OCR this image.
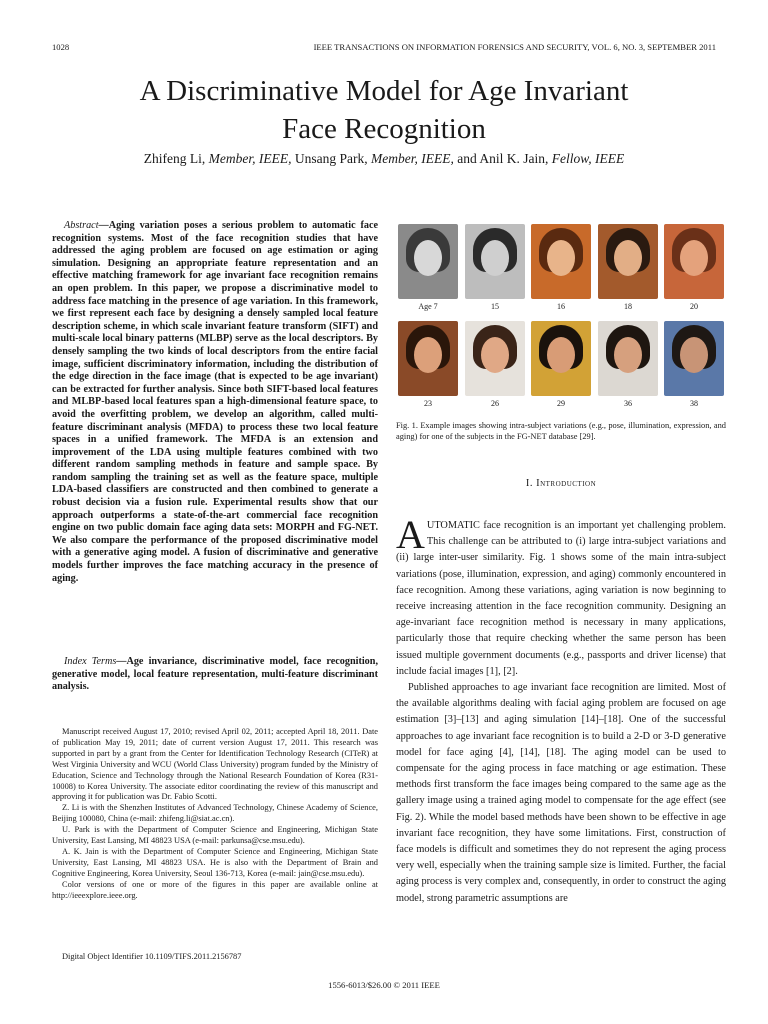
1028	IEEE TRANSACTIONS ON INFORMATION FORENSICS AND SECURITY, VOL. 6, NO. 3, SEPTEMBER 2011
A Discriminative Model for Age Invariant
Face Recognition
Zhifeng Li, Member, IEEE, Unsang Park, Member, IEEE, and Anil K. Jain, Fellow, IEEE
Abstract—Aging variation poses a serious problem to automatic face recognition systems. Most of the face recognition studies that have addressed the aging problem are focused on age estimation or aging simulation. Designing an appropriate feature representation and an effective matching framework for age invariant face recognition remains an open problem. In this paper, we propose a discriminative model to address face matching in the presence of age variation. In this framework, we first represent each face by designing a densely sampled local feature description scheme, in which scale invariant feature transform (SIFT) and multi-scale local binary patterns (MLBP) serve as the local descriptors. By densely sampling the two kinds of local descriptors from the entire facial image, sufficient discriminatory information, including the distribution of the edge direction in the face image (that is expected to be age invariant) can be extracted for further analysis. Since both SIFT-based local features and MLBP-based local features span a high-dimensional feature space, to avoid the overfitting problem, we develop an algorithm, called multi-feature discriminant analysis (MFDA) to process these two local feature spaces in a unified framework. The MFDA is an extension and improvement of the LDA using multiple features combined with two different random sampling methods in feature and sample space. By random sampling the training set as well as the feature space, multiple LDA-based classifiers are constructed and then combined to generate a robust decision via a fusion rule. Experimental results show that our approach outperforms a state-of-the-art commercial face recognition engine on two public domain face aging data sets: MORPH and FG-NET. We also compare the performance of the proposed discriminative model with a generative aging model. A fusion of discriminative and generative models further improves the face matching accuracy in the presence of aging.
Index Terms—Age invariance, discriminative model, face recognition, generative model, local feature representation, multi-feature discriminant analysis.

Manuscript received August 17, 2010; revised April 02, 2011; accepted April 18, 2011. Date of publication May 19, 2011; date of current version August 17, 2011. This research was supported in part by a grant from the Center for Identification Technology Research (CITeR) at West Virginia University and WCU (World Class University) program funded by the Ministry of Education, Science and Technology through the National Research Foundation of Korea (R31-10008) to Korea University. The associate editor coordinating the review of this manuscript and approving it for publication was Dr. Fabio Scotti.

Z. Li is with the Shenzhen Institutes of Advanced Technology, Chinese Academy of Science, Beijing 100080, China (e-mail: zhifeng.li@siat.ac.cn).

U. Park is with the Department of Computer Science and Engineering, Michigan State University, East Lansing, MI 48823 USA (e-mail: parkunsa@cse.msu.edu).

A. K. Jain is with the Department of Computer Science and Engineering, Michigan State University, East Lansing, MI 48823 USA. He is also with the Department of Brain and Cognitive Engineering, Korea University, Seoul 136-713, Korea (e-mail: jain@cse.msu.edu).

Color versions of one or more of the figures in this paper are available online at http://ieeexplore.ieee.org.

Digital Object Identifier 10.1109/TIFS.2011.2156787
Age 7	15	16	18	20
23	26	29	36	38
Fig. 1. Example images showing intra-subject variations (e.g., pose, illumination, expression, and aging) for one of the subjects in the FG-NET database [29].
I. Introduction

AUTOMATIC face recognition is an important yet challenging problem. This challenge can be attributed to (i) large intra-subject variations and (ii) large inter-user similarity. Fig. 1 shows some of the main intra-subject variations (pose, illumination, expression, and aging) commonly encountered in face recognition. Among these variations, aging variation is now beginning to receive increasing attention in the face recognition community. Designing an age-invariant face recognition method is necessary in many applications, particularly those that require checking whether the same person has been issued multiple government documents (e.g., passports and driver license) that include facial images [1], [2].

Published approaches to age invariant face recognition are limited. Most of the available algorithms dealing with facial aging problem are focused on age estimation [3]–[13] and aging simulation [14]–[18]. One of the successful approaches to age invariant face recognition is to build a 2-D or 3-D generative model for face aging [4], [14], [18]. The aging model can be used to compensate for the aging process in face matching or age estimation. These methods first transform the face images being compared to the same age as the gallery image using a trained aging model to compensate for the age effect (see Fig. 2). While the model based methods have been shown to be effective in age invariant face recognition, they have some limitations. First, construction of face models is difficult and sometimes they do not represent the aging process very well, especially when the training sample size is limited. Further, the facial aging process is very complex and, consequently, in order to construct the aging model, strong parametric assumptions are

1556-6013/$26.00 © 2011 IEEE
